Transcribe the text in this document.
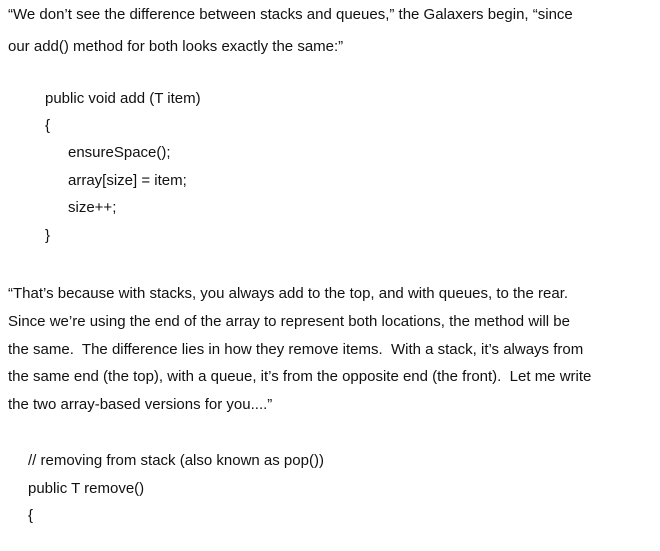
“We don’t see the difference between stacks and queues,” the Galaxers begin, “since
our add() method for both looks exactly the same:”
public void add (T item)
{
ensureSpace();
array[size] = item;
size++;
}
“That’s because with stacks, you always add to the top, and with queues, to the rear.
Since we’re using the end of the array to represent both locations, the method will be
the same.  The difference lies in how they remove items.  With a stack, it’s always from
the same end (the top), with a queue, it’s from the opposite end (the front).  Let me write
the two array-based versions for you....”
// removing from stack (also known as pop())
public T remove()
{
